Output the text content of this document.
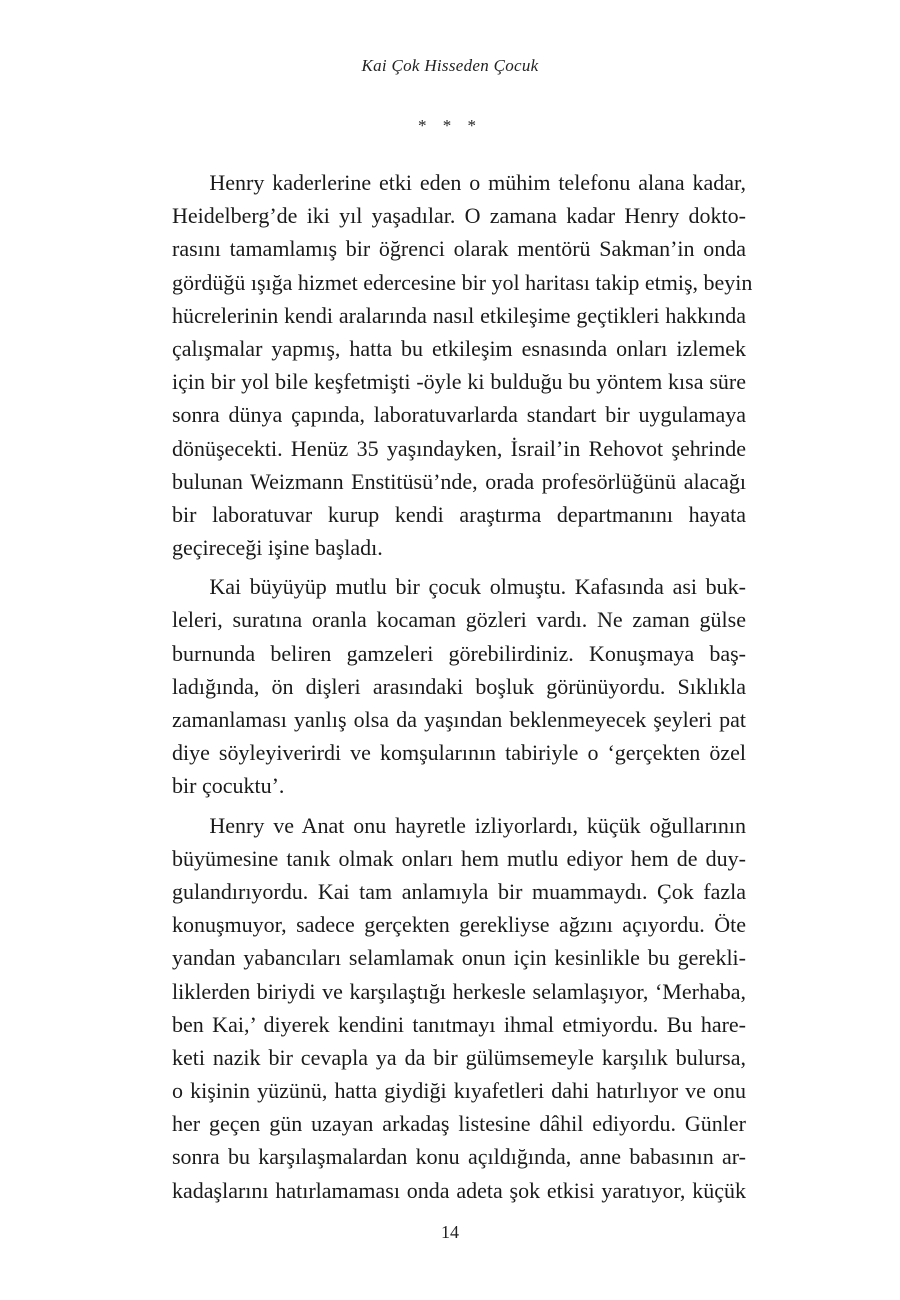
Kai Çok Hisseden Çocuk
* * *

Henry kaderlerine etki eden o mühim telefonu alana kadar,
Heidelberg’de iki yıl yaşadılar. O zamana kadar Henry dokto-
rasını tamamlamış bir öğrenci olarak mentörü Sakman’in onda
gördüğü ışığa hizmet edercesine bir yol haritası takip etmiş, beyin
hücrelerinin kendi aralarında nasıl etkileşime geçtikleri hakkında
çalışmalar yapmış, hatta bu etkileşim esnasında onları izlemek
için bir yol bile keşfetmişti -öyle ki bulduğu bu yöntem kısa süre
sonra dünya çapında, laboratuvarlarda standart bir uygulamaya
dönüşecekti. Henüz 35 yaşındayken, İsrail’in Rehovot şehrinde
bulunan Weizmann Enstitüsü’nde, orada profesörlüğünü alacağı
bir laboratuvar kurup kendi araştırma departmanını hayata
geçireceği işine başladı.

Kai büyüyüp mutlu bir çocuk olmuştu. Kafasında asi buk-
leleri, suratına oranla kocaman gözleri vardı. Ne zaman gülse
burnunda beliren gamzeleri görebilirdiniz. Konuşmaya baş-
ladığında, ön dişleri arasındaki boşluk görünüyordu. Sıklıkla
zamanlaması yanlış olsa da yaşından beklenmeyecek şeyleri pat
diye söyleyiverirdi ve komşularının tabiriyle o ‘gerçekten özel
bir çocuktu’.

Henry ve Anat onu hayretle izliyorlardı, küçük oğullarının
büyümesine tanık olmak onları hem mutlu ediyor hem de duy-
gulandırıyordu. Kai tam anlamıyla bir muammaydı. Çok fazla
konuşmuyor, sadece gerçekten gerekliyse ağzını açıyordu. Öte
yandan yabancıları selamlamak onun için kesinlikle bu gerekli-
liklerden biriydi ve karşılaştığı herkesle selamlaşıyor, ‘Merhaba,
ben Kai,’ diyerek kendini tanıtmayı ihmal etmiyordu. Bu hare-
keti nazik bir cevapla ya da bir gülümsemeyle karşılık bulursa,
o kişinin yüzünü, hatta giydiği kıyafetleri dahi hatırlıyor ve onu
her geçen gün uzayan arkadaş listesine dâhil ediyordu. Günler
sonra bu karşılaşmalardan konu açıldığında, anne babasının ar-
kadaşlarını hatırlamaması onda adeta şok etkisi yaratıyor, küçük

14
